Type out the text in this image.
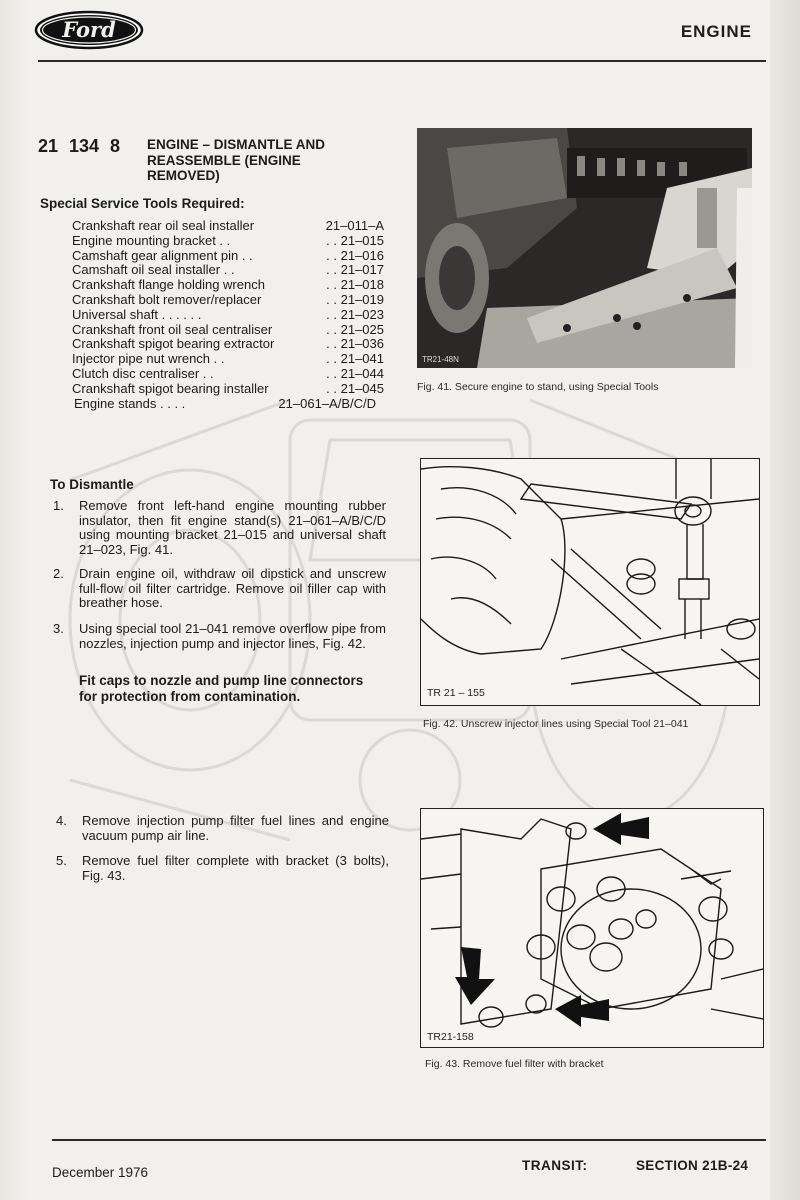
Ford	ENGINE
21 134 8 ENGINE – DISMANTLE AND REASSEMBLE (ENGINE REMOVED)
Special Service Tools Required:
Crankshaft rear oil seal installer	21–011–A
Engine mounting bracket . .	. . 21–015
Camshaft gear alignment pin . .	. . 21–016
Camshaft oil seal installer . .	. . 21–017
Crankshaft flange holding wrench	. . 21–018
Crankshaft bolt remover/replacer	. . 21–019
Universal shaft . . . . . .	. . 21–023
Crankshaft front oil seal centraliser	. . 21–025
Crankshaft spigot bearing extractor	. . 21–036
Injector pipe nut wrench . .	. . 21–041
Clutch disc centraliser . .	. . 21–044
Crankshaft spigot bearing installer	. . 21–045
Engine stands . . . .	21–061–A/B/C/D
To Dismantle
1.	Remove front left-hand engine mounting rubber insulator, then fit engine stand(s) 21–061–A/B/C/D using mounting bracket 21–015 and universal shaft 21–023, Fig. 41.
2.	Drain engine oil, withdraw oil dipstick and unscrew full-flow oil filter cartridge. Remove oil filler cap with breather hose.
3.	Using special tool 21–041 remove overflow pipe from nozzles, injection pump and injector lines, Fig. 42.
Fit caps to nozzle and pump line connectors for protection from contamination.
4.	Remove injection pump filter fuel lines and engine vacuum pump air line.
5.	Remove fuel filter complete with bracket (3 bolts), Fig. 43.
TR21-48N
Fig. 41. Secure engine to stand, using Special Tools
TR 21 – 155
Fig. 42. Unscrew injector lines using Special Tool 21–041
TR21-158
Fig. 43. Remove fuel filter with bracket
December 1976	TRANSIT:	SECTION 21B-24
